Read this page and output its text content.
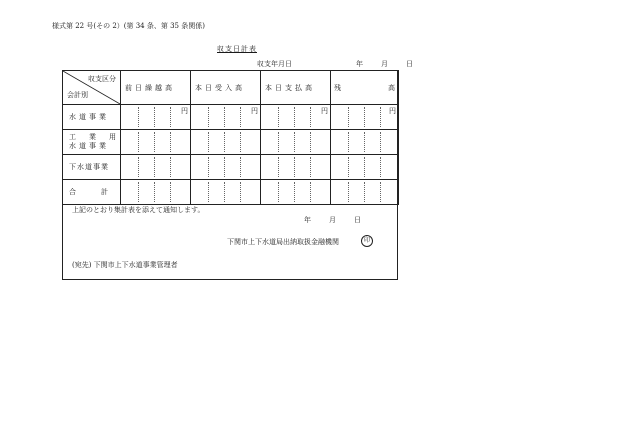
様式第 22 号(その 2）(第 34 条、第 35 条関係)
収支日計表
収支年月日	年	月	日
収支区分
会計別	前日繰越高	本日受入高	本日支払高	残 高

水道事業	円	円	円	円

工　業　用
水道事業				

下水道事業	

合　計	

上記のとおり集計表を添えて通知します。
年	月	日
下関市上下水道局出納取扱金融機関	印
(宛先) 下関市上下水道事業管理者
